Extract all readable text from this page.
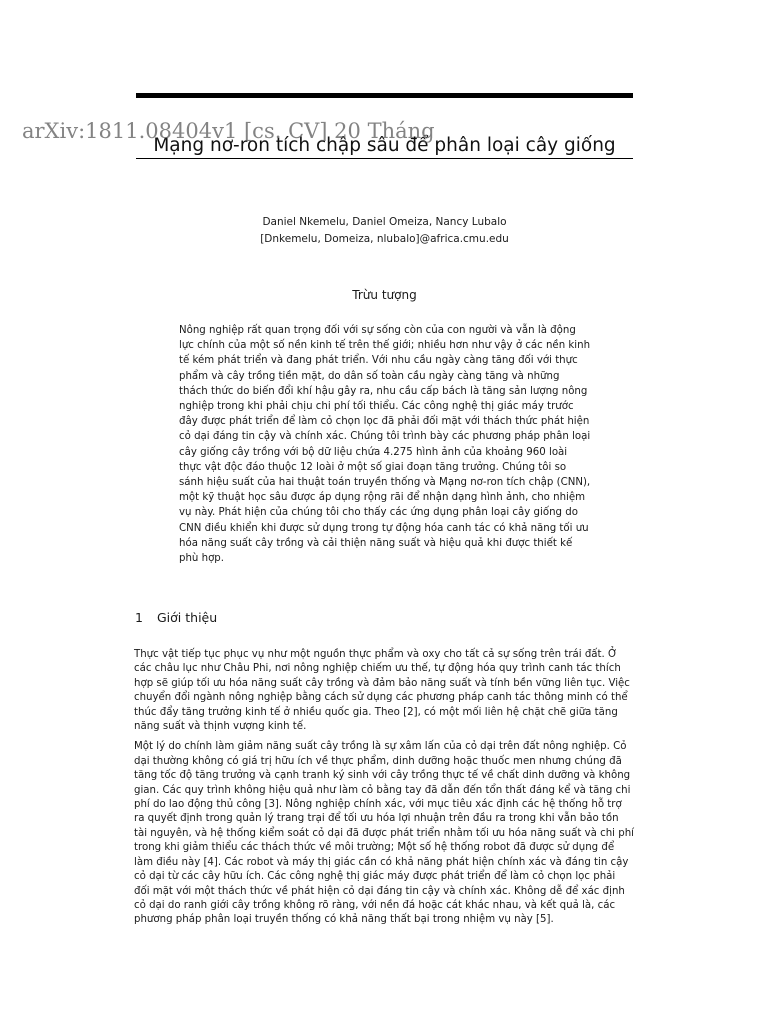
Mạng nơ-ron tích chập sâu để phân loại cây giống
arXiv:1811.08404v1 [cs. CV] 20 Tháng
Daniel Nkemelu, Daniel Omeiza, Nancy Lubalo
[Dnkemelu, Domeiza, nlubalo]@africa.cmu.edu
Trừu tượng
Nông nghiệp rất quan trọng đối với sự sống còn của con người và vẫn là động lực chính của một số nền kinh tế trên thế giới; nhiều hơn như vậy ở các nền kinh tế kém phát triển và đang phát triển. Với nhu cầu ngày càng tăng đối với thực phẩm và cây trồng tiền mặt, do dân số toàn cầu ngày càng tăng và những thách thức do biến đổi khí hậu gây ra, nhu cầu cấp bách là tăng sản lượng nông nghiệp trong khi phải chịu chi phí tối thiểu. Các công nghệ thị giác máy trước đây được phát triển để làm cỏ chọn lọc đã phải đối mặt với thách thức phát hiện cỏ dại đáng tin cậy và chính xác. Chúng tôi trình bày các phương pháp phân loại cây giống cây trồng với bộ dữ liệu chứa 4.275 hình ảnh của khoảng 960 loài thực vật độc đáo thuộc 12 loài ở một số giai đoạn tăng trưởng. Chúng tôi so sánh hiệu suất của hai thuật toán truyền thống và Mạng nơ-ron tích chập (CNN), một kỹ thuật học sâu được áp dụng rộng rãi để nhận dạng hình ảnh, cho nhiệm vụ này. Phát hiện của chúng tôi cho thấy các ứng dụng phân loại cây giống do CNN điều khiển khi được sử dụng trong tự động hóa canh tác có khả năng tối ưu hóa năng suất cây trồng và cải thiện năng suất và hiệu quả khi được thiết kế phù hợp.
1 Giới thiệu

Thực vật tiếp tục phục vụ như một nguồn thực phẩm và oxy cho tất cả sự sống trên trái đất. Ở các châu lục như Châu Phi, nơi nông nghiệp chiếm ưu thế, tự động hóa quy trình canh tác thích hợp sẽ giúp tối ưu hóa năng suất cây trồng và đảm bảo năng suất và tính bền vững liên tục. Việc chuyển đổi ngành nông nghiệp bằng cách sử dụng các phương pháp canh tác thông minh có thể thúc đẩy tăng trưởng kinh tế ở nhiều quốc gia. Theo [2], có một mối liên hệ chặt chẽ giữa tăng năng suất và thịnh vượng kinh tế.

Một lý do chính làm giảm năng suất cây trồng là sự xâm lấn của cỏ dại trên đất nông nghiệp. Cỏ dại thường không có giá trị hữu ích về thực phẩm, dinh dưỡng hoặc thuốc men nhưng chúng đã tăng tốc độ tăng trưởng và cạnh tranh ký sinh với cây trồng thực tế về chất dinh dưỡng và không gian. Các quy trình không hiệu quả như làm cỏ bằng tay đã dẫn đến tổn thất đáng kể và tăng chi phí do lao động thủ công [3]. Nông nghiệp chính xác, với mục tiêu xác định các hệ thống hỗ trợ ra quyết định trong quản lý trang trại để tối ưu hóa lợi nhuận trên đầu ra trong khi vẫn bảo tồn tài nguyên, và hệ thống kiểm soát cỏ dại đã được phát triển nhằm tối ưu hóa năng suất và chi phí trong khi giảm thiểu các thách thức về môi trường; Một số hệ thống robot đã được sử dụng để làm điều này [4]. Các robot và máy thị giác cần có khả năng phát hiện chính xác và đáng tin cậy cỏ dại từ các cây hữu ích. Các công nghệ thị giác máy được phát triển để làm cỏ chọn lọc phải đối mặt với một thách thức về phát hiện cỏ dại đáng tin cậy và chính xác. Không dễ để xác định cỏ dại do ranh giới cây trồng không rõ ràng, với nền đá hoặc cát khác nhau, và kết quả là, các phương pháp phân loại truyền thống có khả năng thất bại trong nhiệm vụ này [5].
